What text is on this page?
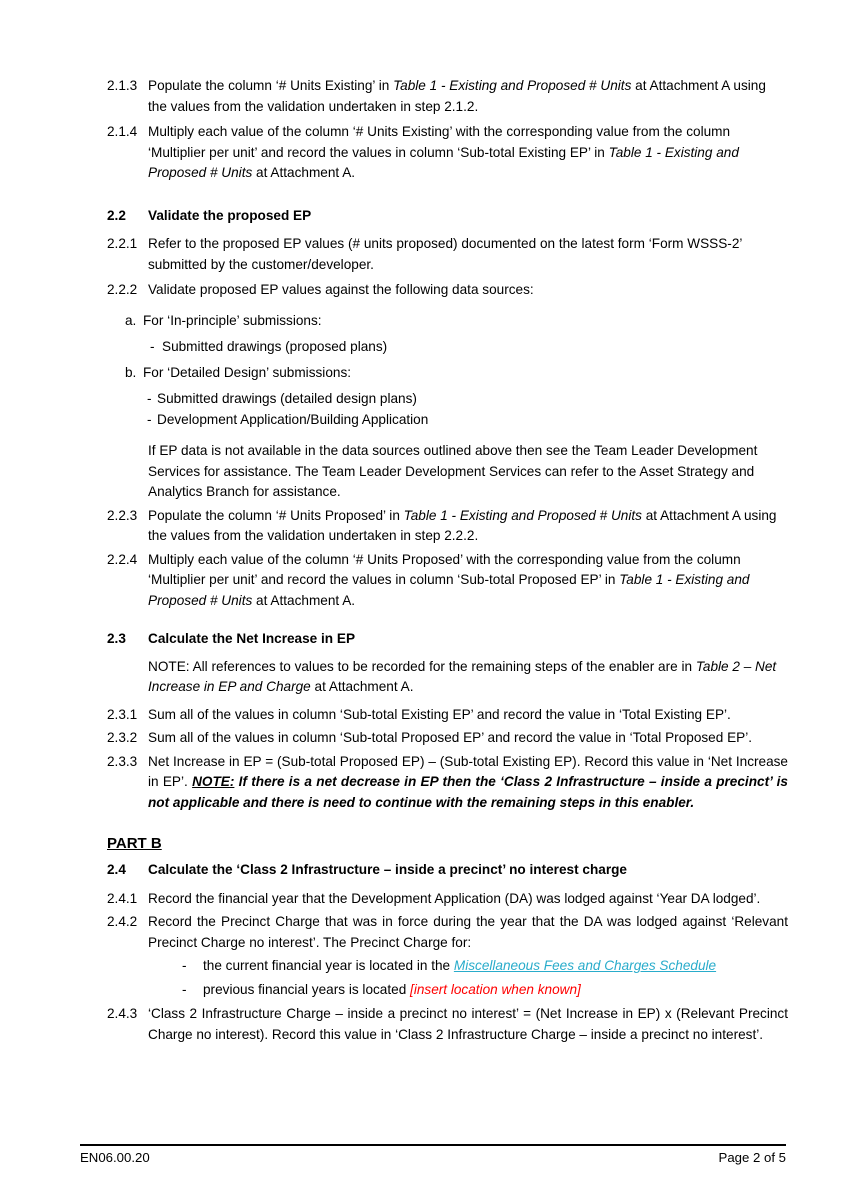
2.1.3 Populate the column ‘# Units Existing’ in Table 1 - Existing and Proposed # Units at Attachment A using the values from the validation undertaken in step 2.1.2.

2.1.4 Multiply each value of the column ‘# Units Existing’ with the corresponding value from the column ‘Multiplier per unit’ and record the values in column ‘Sub-total Existing EP’ in Table 1 - Existing and Proposed # Units at Attachment A.

2.2 Validate the proposed EP

2.2.1 Refer to the proposed EP values (# units proposed) documented on the latest form ‘Form WSSS-2’ submitted by the customer/developer.

2.2.2 Validate proposed EP values against the following data sources:

a. For ‘In-principle’ submissions:

- Submitted drawings (proposed plans)

b. For ‘Detailed Design’ submissions:

- Submitted drawings (detailed design plans)

- Development Application/Building Application

If EP data is not available in the data sources outlined above then see the Team Leader Development Services for assistance. The Team Leader Development Services can refer to the Asset Strategy and Analytics Branch for assistance.

2.2.3 Populate the column ‘# Units Proposed’ in Table 1 - Existing and Proposed # Units at Attachment A using the values from the validation undertaken in step 2.2.2.

2.2.4 Multiply each value of the column ‘# Units Proposed’ with the corresponding value from the column ‘Multiplier per unit’ and record the values in column ‘Sub-total Proposed EP’ in Table 1 - Existing and Proposed # Units at Attachment A.

2.3 Calculate the Net Increase in EP

NOTE: All references to values to be recorded for the remaining steps of the enabler are in Table 2 – Net Increase in EP and Charge at Attachment A.

2.3.1 Sum all of the values in column ‘Sub-total Existing EP’ and record the value in ‘Total Existing EP’.

2.3.2 Sum all of the values in column ‘Sub-total Proposed EP’ and record the value in ‘Total Proposed EP’.

2.3.3 Net Increase in EP = (Sub-total Proposed EP) – (Sub-total Existing EP). Record this value in ‘Net Increase in EP’. NOTE: If there is a net decrease in EP then the ‘Class 2 Infrastructure – inside a precinct’ is not applicable and there is need to continue with the remaining steps in this enabler.

PART B

2.4 Calculate the ‘Class 2 Infrastructure – inside a precinct’ no interest charge

2.4.1 Record the financial year that the Development Application (DA) was lodged against ‘Year DA lodged’.

2.4.2 Record the Precinct Charge that was in force during the year that the DA was lodged against ‘Relevant Precinct Charge no interest’. The Precinct Charge for:

- the current financial year is located in the Miscellaneous Fees and Charges Schedule

- previous financial years is located [insert location when known]

2.4.3 ‘Class 2 Infrastructure Charge – inside a precinct no interest’ = (Net Increase in EP) x (Relevant Precinct Charge no interest). Record this value in ‘Class 2 Infrastructure Charge – inside a precinct no interest’.

EN06.00.20	Page 2 of 5
